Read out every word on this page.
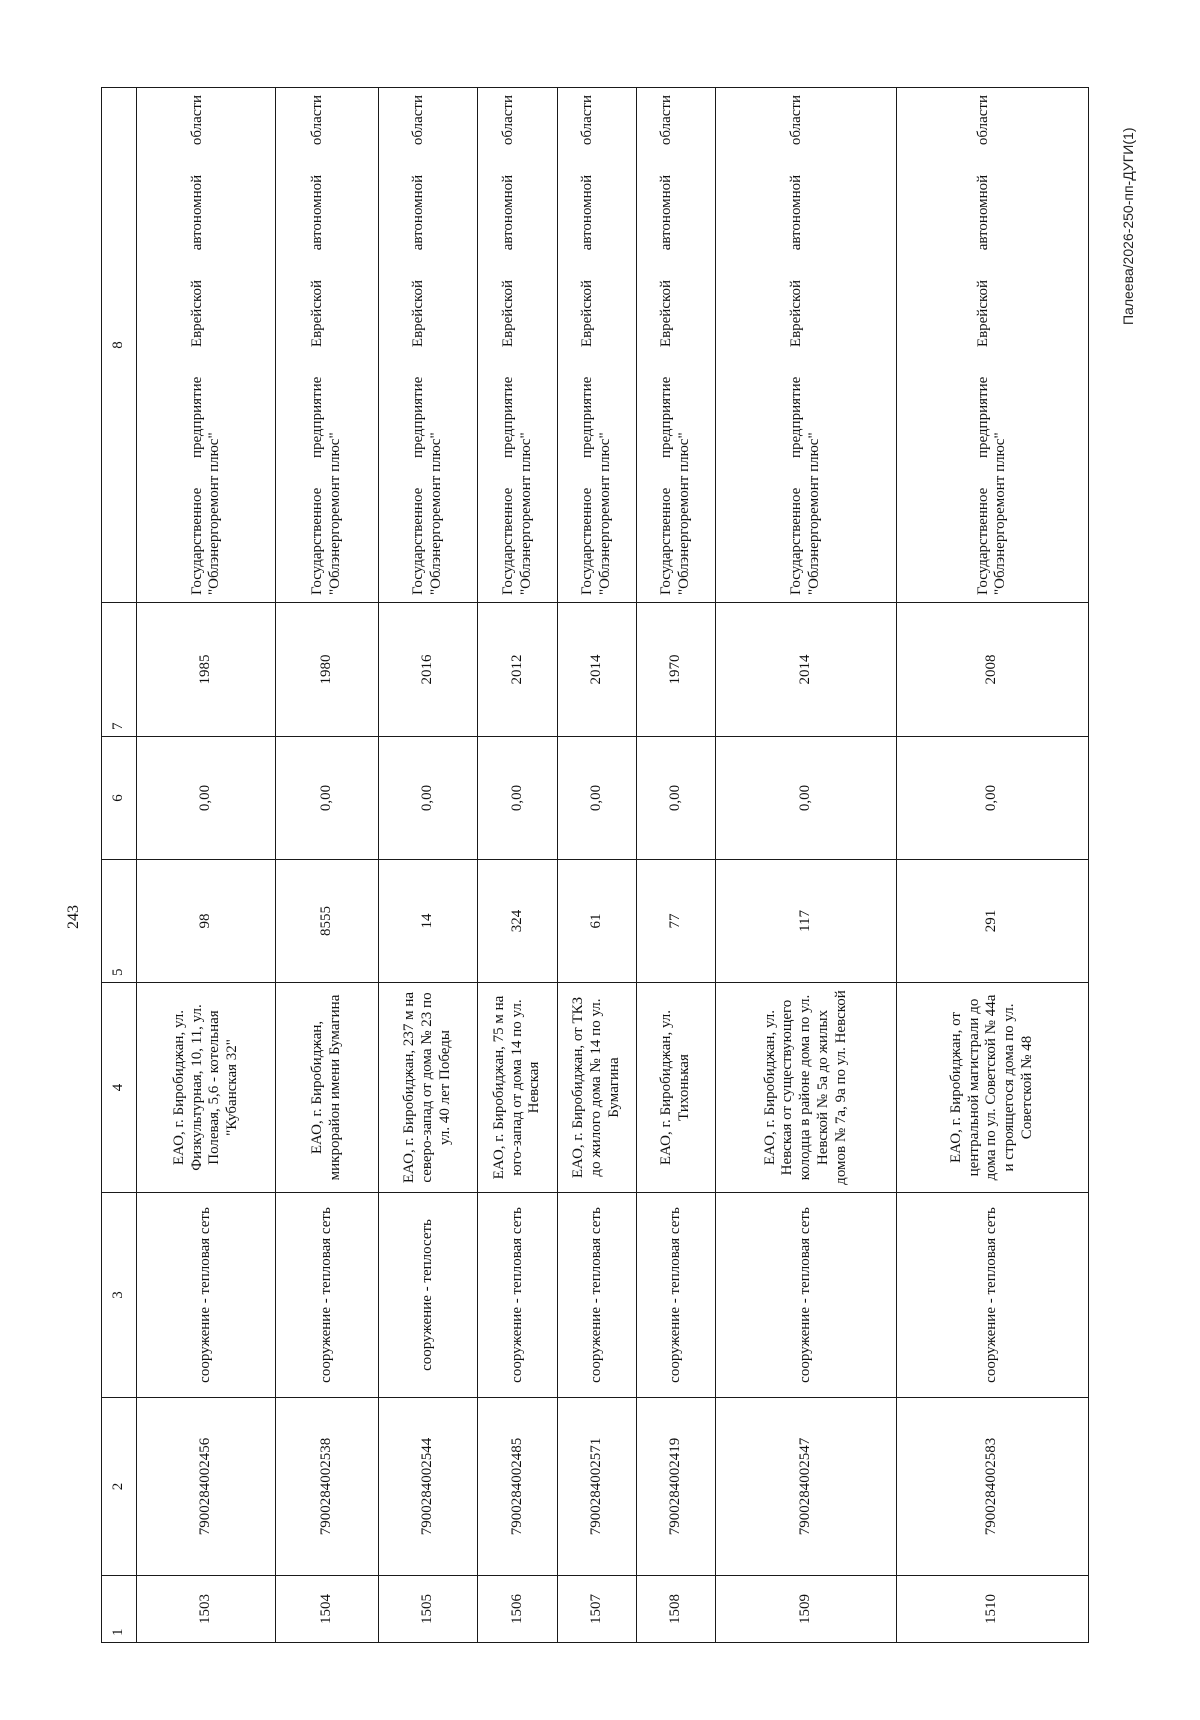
243
1	2	3	4	5	6	7	8
1503	7900284002456	сооружение - тепловая сеть	ЕАО, г. Биробиджан, ул. Физкультурная, 10, 11, ул. Полевая, 5,6 - котельная "Кубанская 32"	98	0,00	1985	Государственное предприятие Еврейской автономной области "Облэнергоремонт плюс"
1504	7900284002538	сооружение - тепловая сеть	ЕАО, г. Биробиджан, микрорайон имени Бумагина	8555	0,00	1980	Государственное предприятие Еврейской автономной области "Облэнергоремонт плюс"
1505	7900284002544	сооружение - теплосеть	ЕАО, г. Биробиджан, 237 м на северо-запад от дома № 23 по ул. 40 лет Победы	14	0,00	2016	Государственное предприятие Еврейской автономной области "Облэнергоремонт плюс"
1506	7900284002485	сооружение - тепловая сеть	ЕАО, г. Биробиджан, 75 м на юго-запад от дома 14 по ул. Невская	324	0,00	2012	Государственное предприятие Еврейской автономной области "Облэнергоремонт плюс"
1507	7900284002571	сооружение - тепловая сеть	ЕАО, г. Биробиджан, от ТКЗ до жилого дома № 14 по ул. Бумагина	61	0,00	2014	Государственное предприятие Еврейской автономной области "Облэнергоремонт плюс"
1508	7900284002419	сооружение - тепловая сеть	ЕАО, г. Биробиджан, ул. Тихонькая	77	0,00	1970	Государственное предприятие Еврейской автономной области "Облэнергоремонт плюс"
1509	7900284002547	сооружение - тепловая сеть	ЕАО, г. Биробиджан, ул. Невская от существующего колодца в районе дома по ул. Невской № 5а до жилых домов № 7а, 9а по ул. Невской	117	0,00	2014	Государственное предприятие Еврейской автономной области "Облэнергоремонт плюс"
1510	7900284002583	сооружение - тепловая сеть	ЕАО, г. Биробиджан, от центральной магистрали до дома по ул. Советской № 44а и строящегося дома по ул. Советской № 48	291	0,00	2008	Государственное предприятие Еврейской автономной области "Облэнергоремонт плюс"
Палеева/2026-250-пп-ДУГИ(1)
